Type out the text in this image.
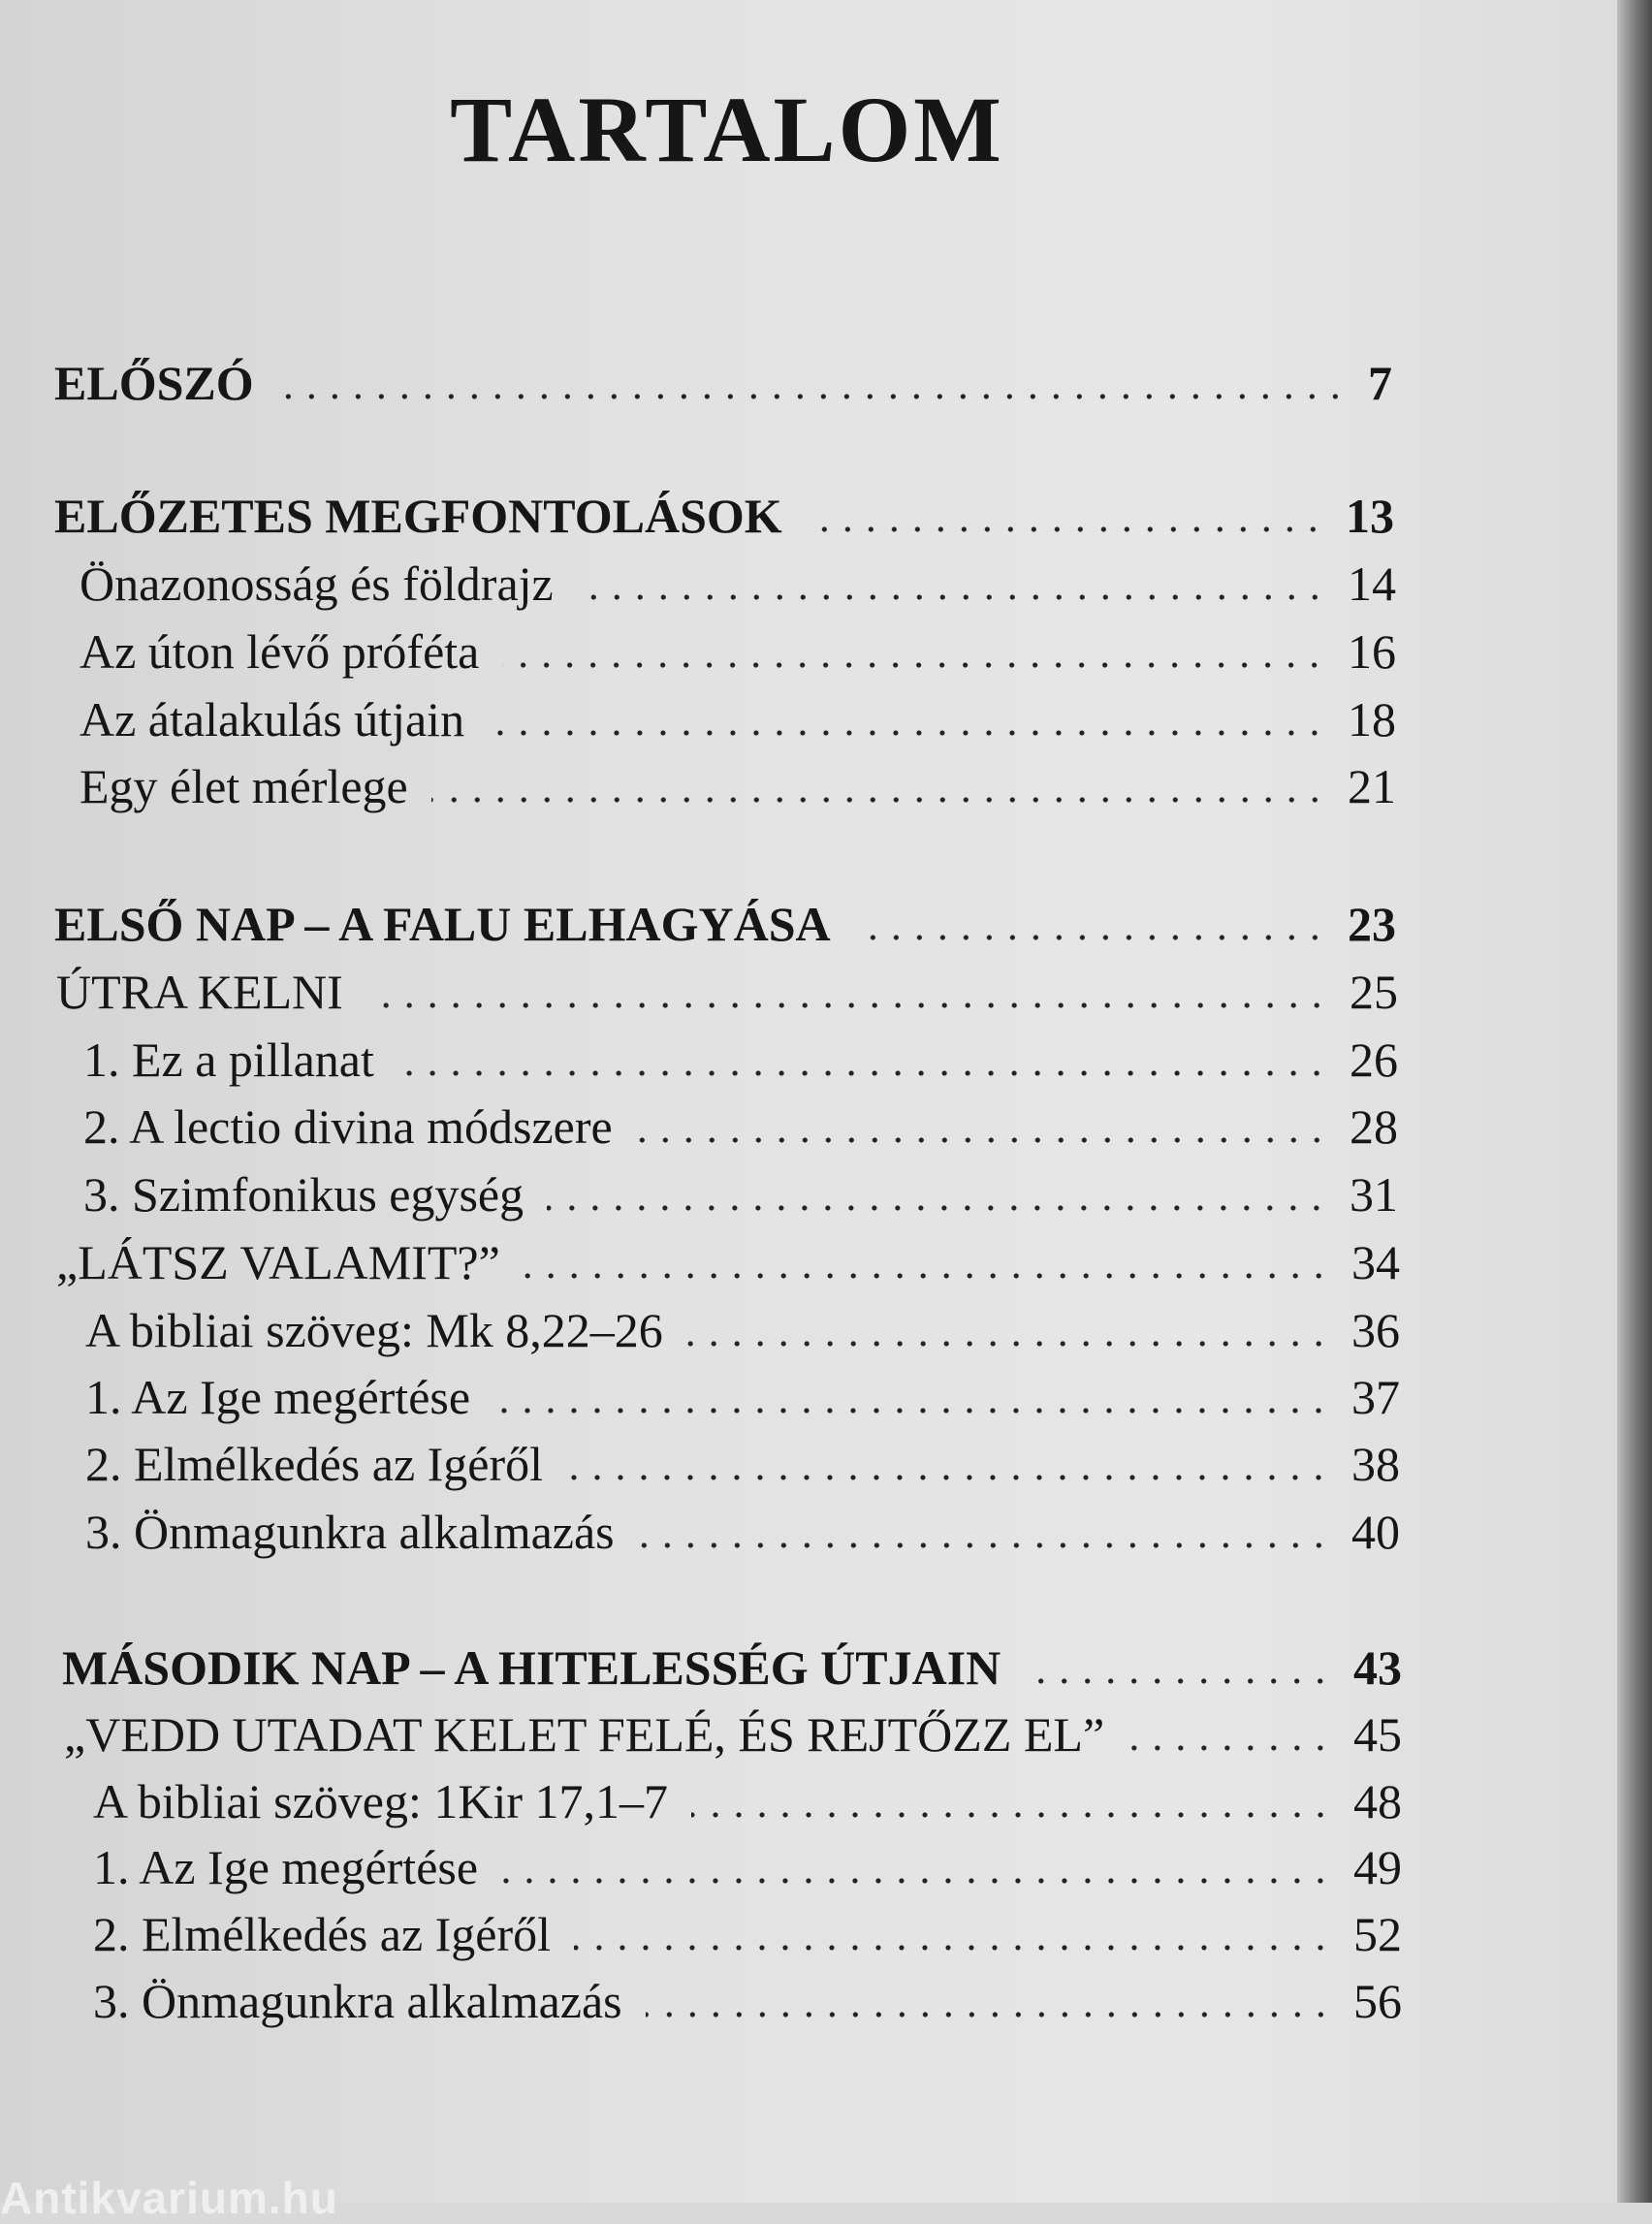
TARTALOM
ELŐSZÓ	7
ELŐZETES MEGFONTOLÁSOK	13
Önazonosság és földrajz	14
Az úton lévő próféta	16
Az átalakulás útjain	18
Egy élet mérlege	21
ELSŐ NAP – A FALU ELHAGYÁSA	23
ÚTRA KELNI	25
1. Ez a pillanat	26
2. A lectio divina módszere	28
3. Szimfonikus egység	31
„LÁTSZ VALAMIT?”	34
A bibliai szöveg: Mk 8,22–26	36
1. Az Ige megértése	37
2. Elmélkedés az Igéről	38
3. Önmagunkra alkalmazás	40
MÁSODIK NAP – A HITELESSÉG ÚTJAIN	43
„VEDD UTADAT KELET FELÉ, ÉS REJTŐZZ EL”	45
A bibliai szöveg: 1Kir 17,1–7	48
1. Az Ige megértése	49
2. Elmélkedés az Igéről	52
3. Önmagunkra alkalmazás	56
Antikvarium.hu
